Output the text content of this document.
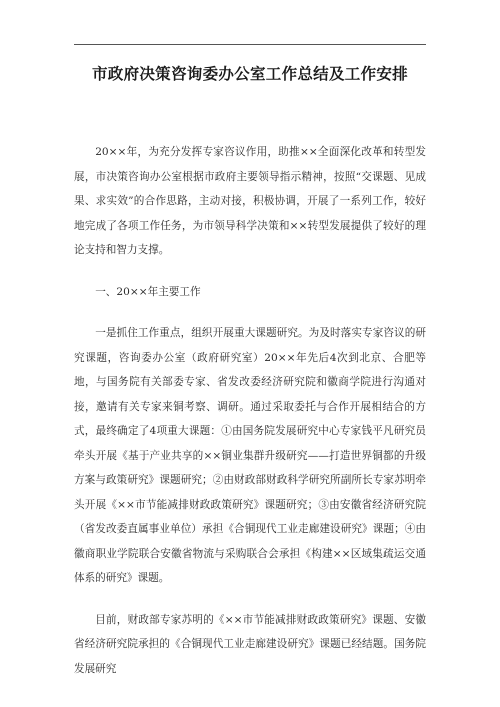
市政府决策咨询委办公室工作总结及工作安排

20××年，为充分发挥专家咨议作用，助推××全面深化改革和转型发展，市决策咨询办公室根据市政府主要领导指示精神，按照“交课题、见成果、求实效”的合作思路，主动对接，积极协调，开展了一系列工作，较好地完成了各项工作任务，为市领导科学决策和××转型发展提供了较好的理论支持和智力支撑。

一、20××年主要工作

一是抓住工作重点，组织开展重大课题研究。为及时落实专家咨议的研究课题，咨询委办公室（政府研究室）20××年先后4次到北京、合肥等地，与国务院有关部委专家、省发改委经济研究院和徽商学院进行沟通对接，邀请有关专家来铜考察、调研。通过采取委托与合作开展相结合的方式，最终确定了4项重大课题：①由国务院发展研究中心专家钱平凡研究员牵头开展《基于产业共享的××铜业集群升级研究——打造世界铜都的升级方案与政策研究》课题研究；②由财政部财政科学研究所副所长专家苏明牵头开展《××市节能减排财政政策研究》课题研究；③由安徽省经济研究院（省发改委直属事业单位）承担《合铜现代工业走廊建设研究》课题；④由徽商职业学院联合安徽省物流与采购联合会承担《构建××区域集疏运交通体系的研究》课题。

目前，财政部专家苏明的《××市节能减排财政政策研究》课题、安徽省经济研究院承担的《合铜现代工业走廊建设研究》课题已经结题。国务院发展研究
